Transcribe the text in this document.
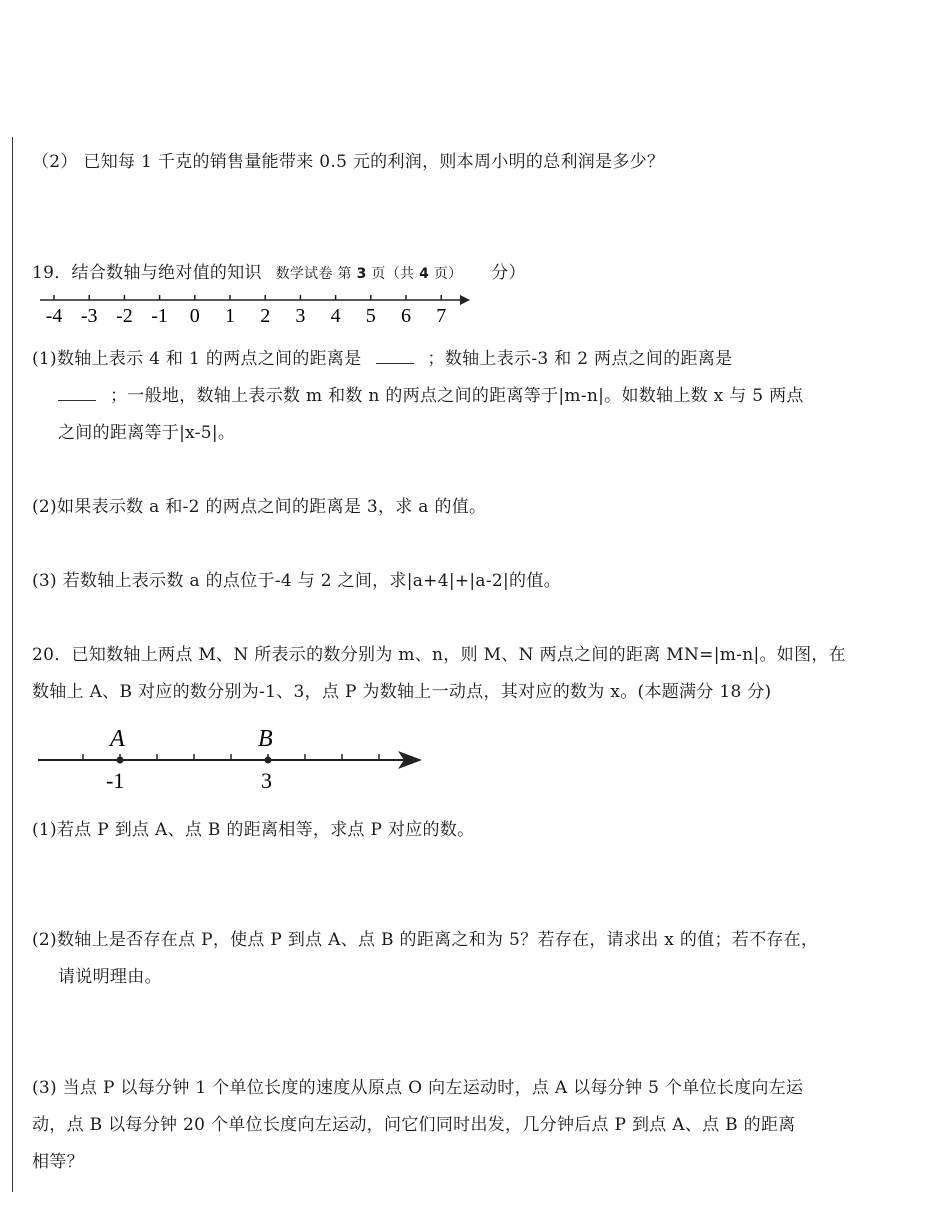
（2） 已知每 1 千克的销售量能带来 0.5 元的利润，则本周小明的总利润是多少？
19．结合数轴与绝对值的知识 数学试卷 第 3 页（共 4 页） 分）
-4 -3 -2 -1 0 1 2 3 4 5 6 7
(1)数轴上表示 4 和 1 的两点之间的距离是	；数轴上表示-3 和 2 两点之间的距离是
；一般地，数轴上表示数 m 和数 n 的两点之间的距离等于|m-n|。如数轴上数 x 与 5 两点
之间的距离等于|x-5|。
(2)如果表示数 a 和-2 的两点之间的距离是 3，求 a 的值。
(3) 若数轴上表示数 a 的点位于-4 与 2 之间，求|a+4|+|a-2|的值。
20．已知数轴上两点 M、N 所表示的数分别为 m、n，则 M、N 两点之间的距离 MN=|m-n|。如图，在
数轴上 A、B 对应的数分别为-1、3，点 P 为数轴上一动点，其对应的数为 x。(本题满分 18 分)
A
-1
B
3
(1)若点 P 到点 A、点 B 的距离相等，求点 P 对应的数。
(2)数轴上是否存在点 P，使点 P 到点 A、点 B 的距离之和为 5？若存在，请求出 x 的值；若不存在，
请说明理由。
(3) 当点 P 以每分钟 1 个单位长度的速度从原点 O 向左运动时，点 A 以每分钟 5 个单位长度向左运
动，点 B 以每分钟 20 个单位长度向左运动，问它们同时出发，几分钟后点 P 到点 A、点 B 的距离
相等？
